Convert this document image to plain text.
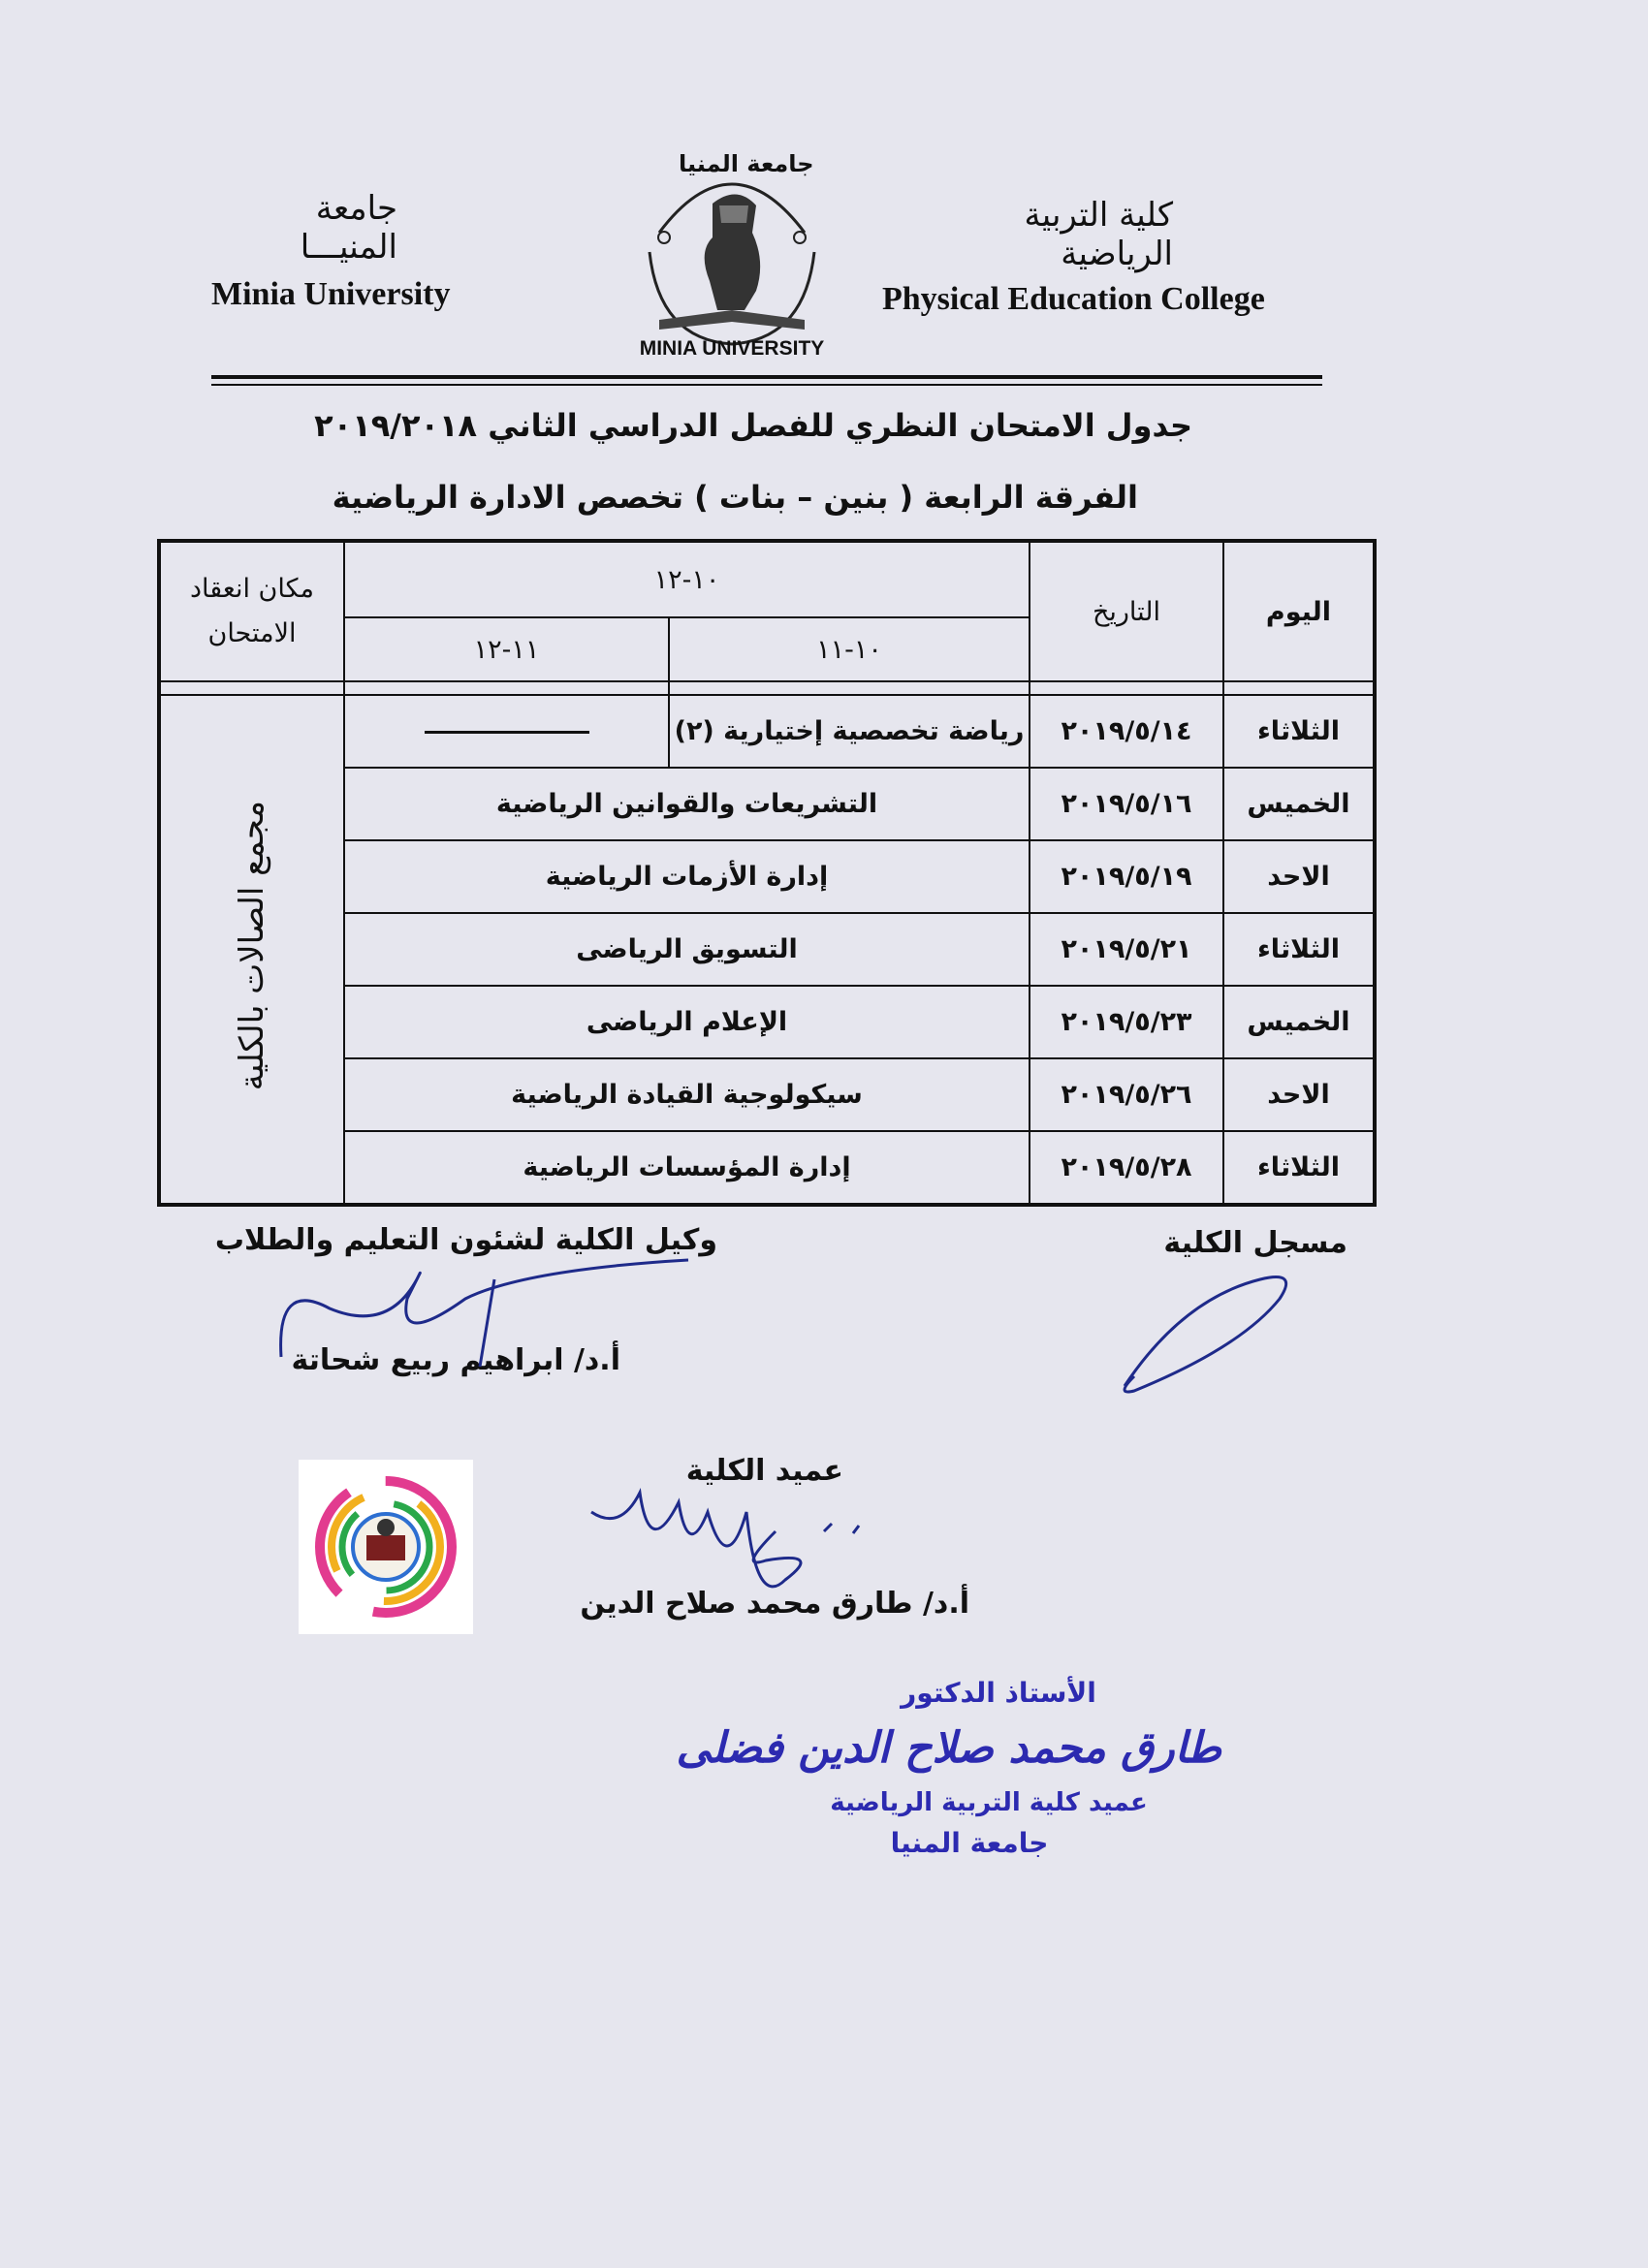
كلية التربية الرياضية
جامعة المنيـــا
Physical Education College
Minia University
جامعة المنيا
MINIA UNIVERSITY
جدول الامتحان النظري للفصل الدراسي الثاني ٢٠١٩/٢٠١٨
الفرقة الرابعة ( بنين – بنات ) تخصص الادارة الرياضية
اليوم	التاريخ	١٠-١٢		مكان انعقاد الامتحان
		١٠-١١	١١-١٢	

الثلاثاء	٢٠١٩/٥/١٤	رياضة تخصصية إختيارية (٢)		مجمع الصالات بالكلية
الخميس	٢٠١٩/٥/١٦	التشريعات والقوانين الرياضية		
الاحد	٢٠١٩/٥/١٩	إدارة الأزمات الرياضية		
الثلاثاء	٢٠١٩/٥/٢١	التسويق الرياضى		
الخميس	٢٠١٩/٥/٢٣	الإعلام الرياضى		
الاحد	٢٠١٩/٥/٢٦	سيكولوجية القيادة الرياضية		
الثلاثاء	٢٠١٩/٥/٢٨	إدارة المؤسسات الرياضية		
مسجل الكلية
وكيل الكلية لشئون التعليم والطلاب
أ.د/ ابراهيم ربيع شحاتة
عميد الكلية
أ.د/ طارق محمد صلاح الدين
الأستاذ الدكتور
طارق محمد صلاح الدين فضلى
عميد كلية التربية الرياضية
جامعة المنيا
